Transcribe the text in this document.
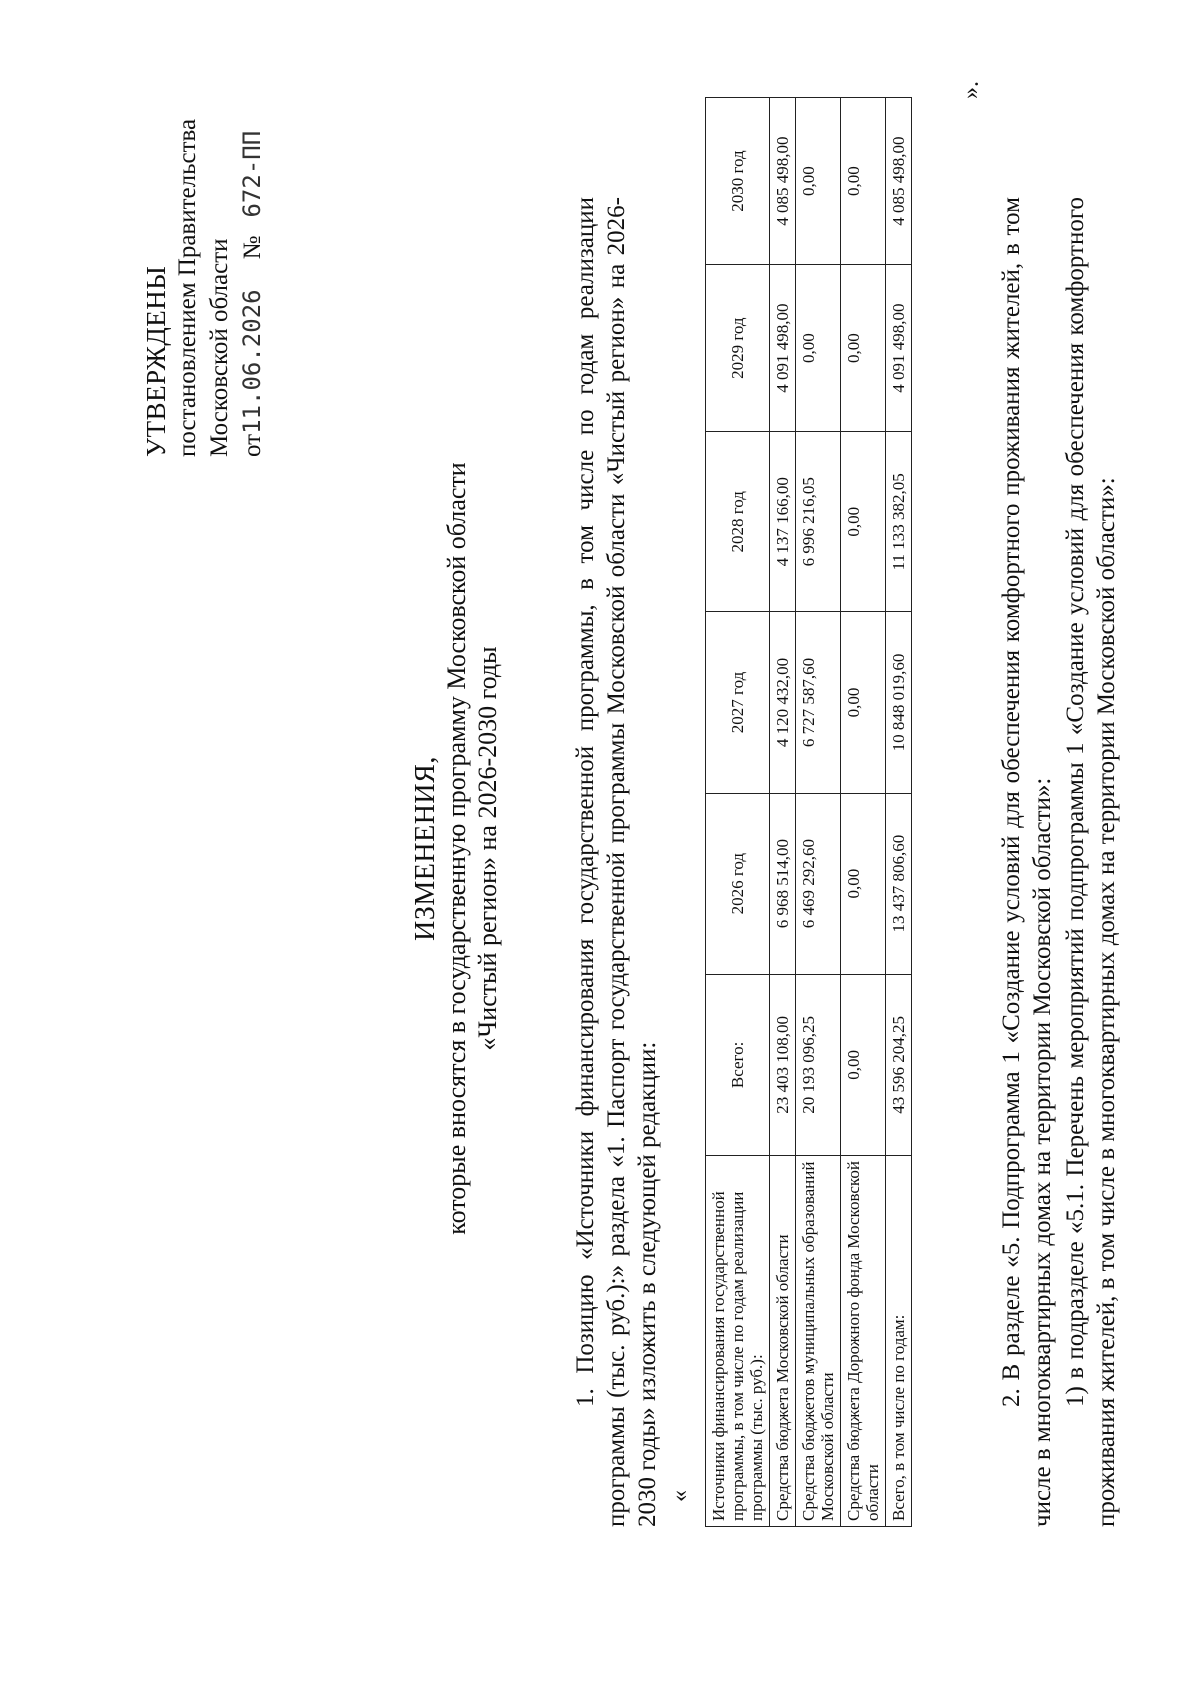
УТВЕРЖДЕНЫ постановлением Правительства Московской области от11.06.2026№672-ПП
ИЗМЕНЕНИЯ, которые вносятся в государственную программу Московской области «Чистый регион» на 2026-2030 годы	1. Позицию «Источники финансирования государственной программы, в том числе по годам реализации программы (тыс. руб.):» раздела «1. Паспорт государственной программы Московской области «Чистый регион» на 2026-2030 годы» изложить в следующей редакции: « Источники финансирования государственной программы, в том числе по годам реализации программы (тыс. руб.):	Всего:	2026 год	2027 год	2028 год	2029 год	2030 год
Средства бюджета Московской области	23 403 108,00	6 968 514,00	4 120 432,00	4 137 166,00	4 091 498,00	4 085 498,00
Средства бюджетов муниципальных образований Московской области	20 193 096,25	6 469 292,60	6 727 587,60	6 996 216,05	0,00	0,00
Средства бюджета Дорожного фонда Московской области	0,00	0,00	0,00	0,00	0,00	0,00
Всего, в том числе по годам:	43 596 204,25	13 437 806,60	10 848 019,60	11 133 382,05	4 091 498,00	4 085 498,00
».
2. В разделе «5. Подпрограмма 1 «Создание условий для обеспечения комфортного проживания жителей, в том числе в многоквартирных домах на территории Московской области»: 1) в подразделе «5.1. Перечень мероприятий подпрограммы 1 «Создание условий для обеспечения комфортного проживания жителей, в том числе в многоквартирных домах на территории Московской области»:
